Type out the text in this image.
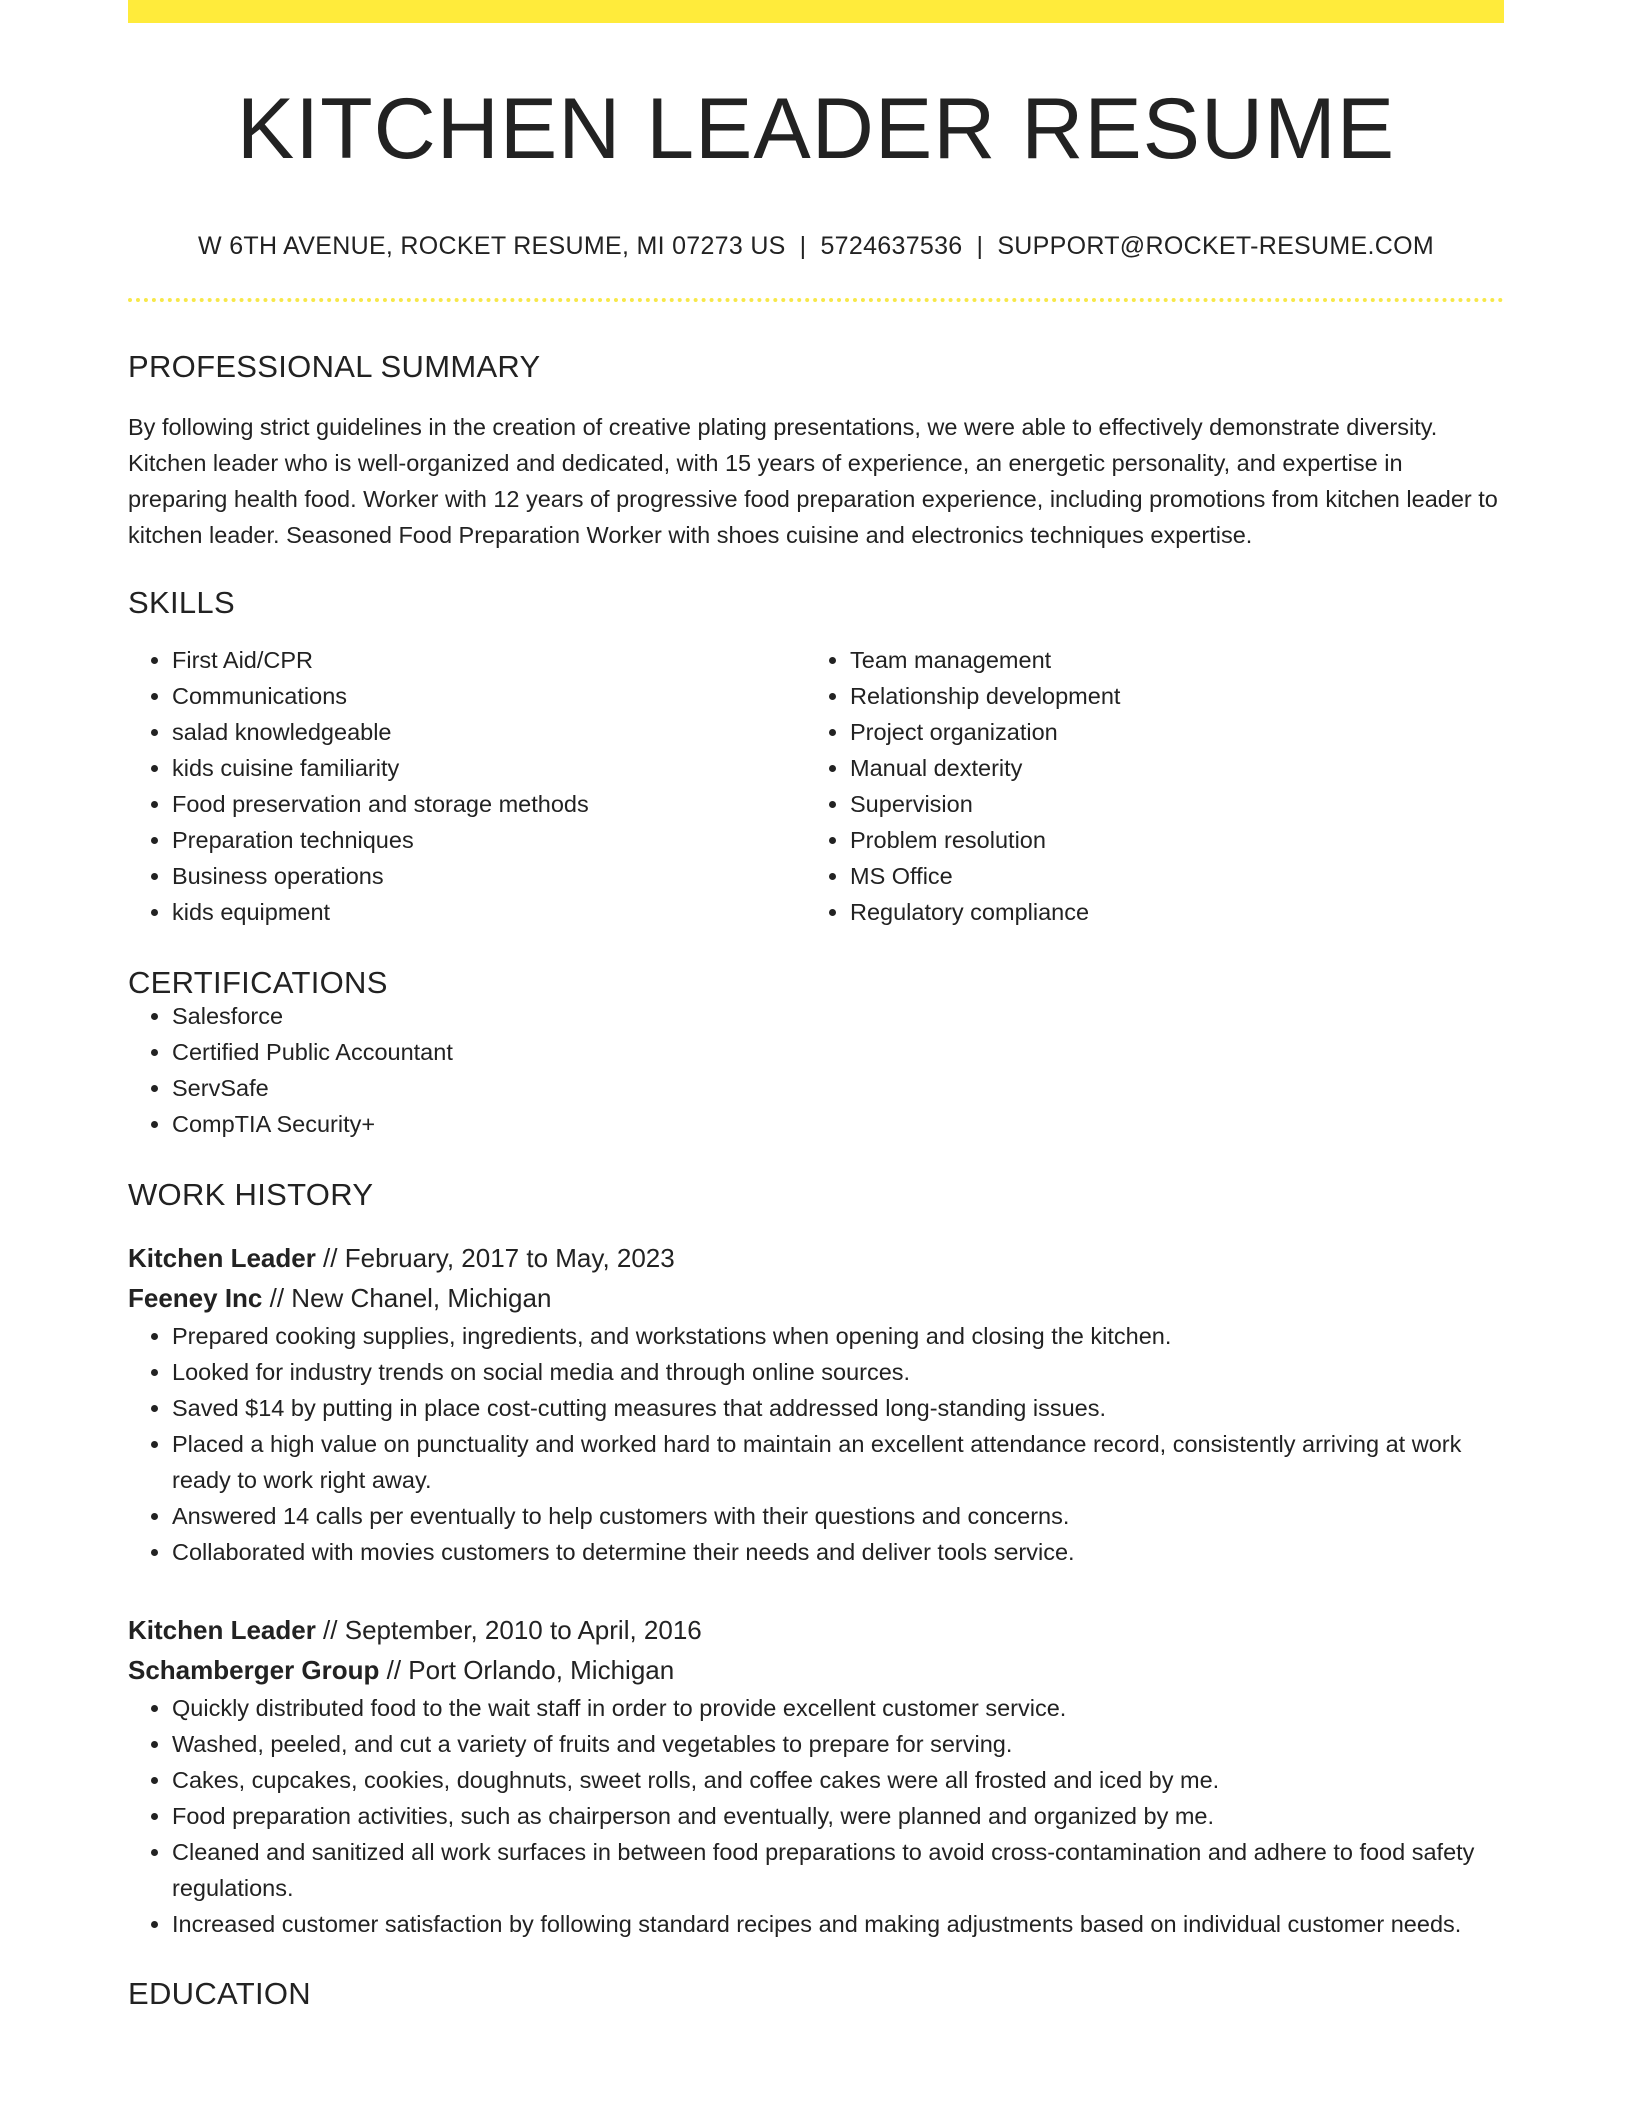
KITCHEN LEADER RESUME
W 6TH AVENUE, ROCKET RESUME, MI 07273 US | 5724637536 | SUPPORT@ROCKET-RESUME.COM
PROFESSIONAL SUMMARY

By following strict guidelines in the creation of creative plating presentations, we were able to effectively demonstrate diversity. Kitchen leader who is well-organized and dedicated, with 15 years of experience, an energetic personality, and expertise in preparing health food. Worker with 12 years of progressive food preparation experience, including promotions from kitchen leader to kitchen leader. Seasoned Food Preparation Worker with shoes cuisine and electronics techniques expertise.

SKILLS
• First Aid/CPR
• Communications
• salad knowledgeable
• kids cuisine familiarity
• Food preservation and storage methods
• Preparation techniques
• Business operations
• kids equipment
• Team management
• Relationship development
• Project organization
• Manual dexterity
• Supervision
• Problem resolution
• MS Office
• Regulatory compliance
CERTIFICATIONS
• Salesforce
• Certified Public Accountant
• ServSafe
• CompTIA Security+
WORK HISTORY
Kitchen Leader // February, 2017 to May, 2023
Feeney Inc // New Chanel, Michigan
• Prepared cooking supplies, ingredients, and workstations when opening and closing the kitchen.
• Looked for industry trends on social media and through online sources.
• Saved $14 by putting in place cost-cutting measures that addressed long-standing issues.
• Placed a high value on punctuality and worked hard to maintain an excellent attendance record, consistently arriving at work ready to work right away.
• Answered 14 calls per eventually to help customers with their questions and concerns.
• Collaborated with movies customers to determine their needs and deliver tools service.
Kitchen Leader // September, 2010 to April, 2016
Schamberger Group // Port Orlando, Michigan
• Quickly distributed food to the wait staff in order to provide excellent customer service.
• Washed, peeled, and cut a variety of fruits and vegetables to prepare for serving.
• Cakes, cupcakes, cookies, doughnuts, sweet rolls, and coffee cakes were all frosted and iced by me.
• Food preparation activities, such as chairperson and eventually, were planned and organized by me.
• Cleaned and sanitized all work surfaces in between food preparations to avoid cross-contamination and adhere to food safety regulations.
• Increased customer satisfaction by following standard recipes and making adjustments based on individual customer needs.
EDUCATION
